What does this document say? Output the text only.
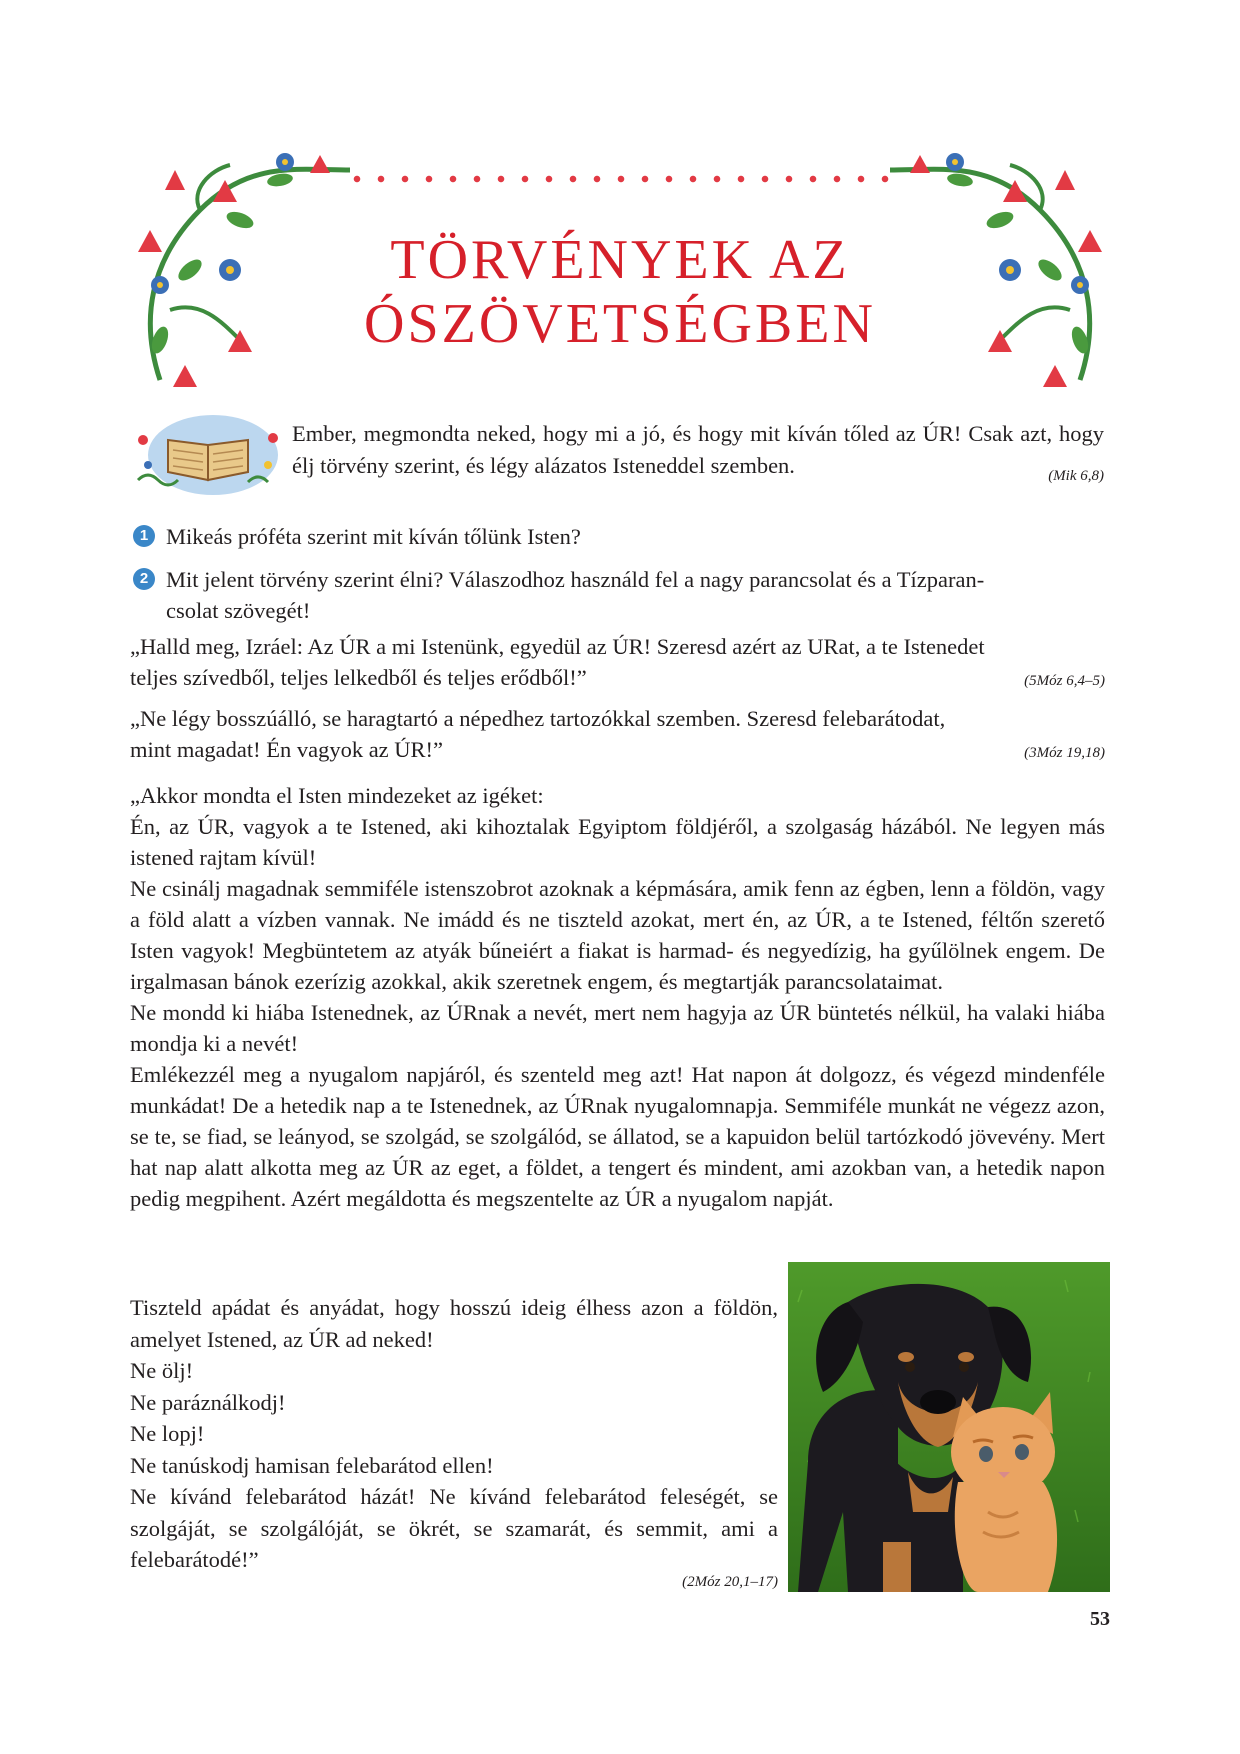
TÖRVÉNYEK AZ
ÓSZÖVETSÉGBEN
Ember, megmondta neked, hogy mi a jó, és hogy mit kíván tőled az ÚR! Csak azt, hogy élj törvény szerint, és légy alázatos Isteneddel szemben.	(Mik 6,8)
1 Mikeás próféta szerint mit kíván tőlünk Isten?
2 Mit jelent törvény szerint élni? Válaszodhoz használd fel a nagy parancsolat és a Tízparan-
csolat szövegét!

„Halld meg, Izráel: Az ÚR a mi Istenünk, egyedül az ÚR! Szeresd azért az URat, a te Istenedet

teljes szívedből, teljes lelkedből és teljes erődből!”	(5Móz 6,4–5)

„Ne légy bosszúálló, se haragtartó a népedhez tartozókkal szemben. Szeresd felebarátodat,

mint magadat! Én vagyok az ÚR!”	(3Móz 19,18)

„Akkor mondta el Isten mindezeket az igéket:

Én, az ÚR, vagyok a te Istened, aki kihoztalak Egyiptom földjéről, a szolgaság házából. Ne legyen más istened rajtam kívül!

Ne csinálj magadnak semmiféle istenszobrot azoknak a képmására, amik fenn az égben, lenn a földön, vagy a föld alatt a vízben vannak. Ne imádd és ne tiszteld azokat, mert én, az ÚR, a te Istened, féltőn szerető Isten vagyok! Megbüntetem az atyák bűneiért a fiakat is harmad- és negyedízig, ha gyűlölnek engem. De irgalmasan bánok ezerízig azokkal, akik szeretnek engem, és megtartják parancsolataimat.

Ne mondd ki hiába Istenednek, az ÚRnak a nevét, mert nem hagyja az ÚR büntetés nélkül, ha valaki hiába mondja ki a nevét!

Emlékezzél meg a nyugalom napjáról, és szenteld meg azt! Hat napon át dolgozz, és végezd mindenféle munkádat! De a hetedik nap a te Istenednek, az ÚRnak nyugalomnapja. Semmiféle munkát ne végezz azon, se te, se fiad, se leányod, se szolgád, se szolgálód, se állatod, se a kapuidon belül tartózkodó jövevény. Mert hat nap alatt alkotta meg az ÚR az eget, a földet, a tengert és mindent, ami azokban van, a hetedik napon pedig megpihent. Azért megáldotta és megszentelte az ÚR a nyugalom napját.

Tiszteld apádat és anyádat, hogy hosszú ideig élhess azon a földön, amelyet Istened, az ÚR ad neked!

Ne ölj!

Ne paráználkodj!

Ne lopj!

Ne tanúskodj hamisan felebarátod ellen!

Ne kívánd felebarátod házát! Ne kívánd felebarátod feleségét, se szolgáját, se szolgálóját, se ökrét, se szamarát, és semmit, ami a felebarátodé!”

(2Móz 20,1–17)
53
